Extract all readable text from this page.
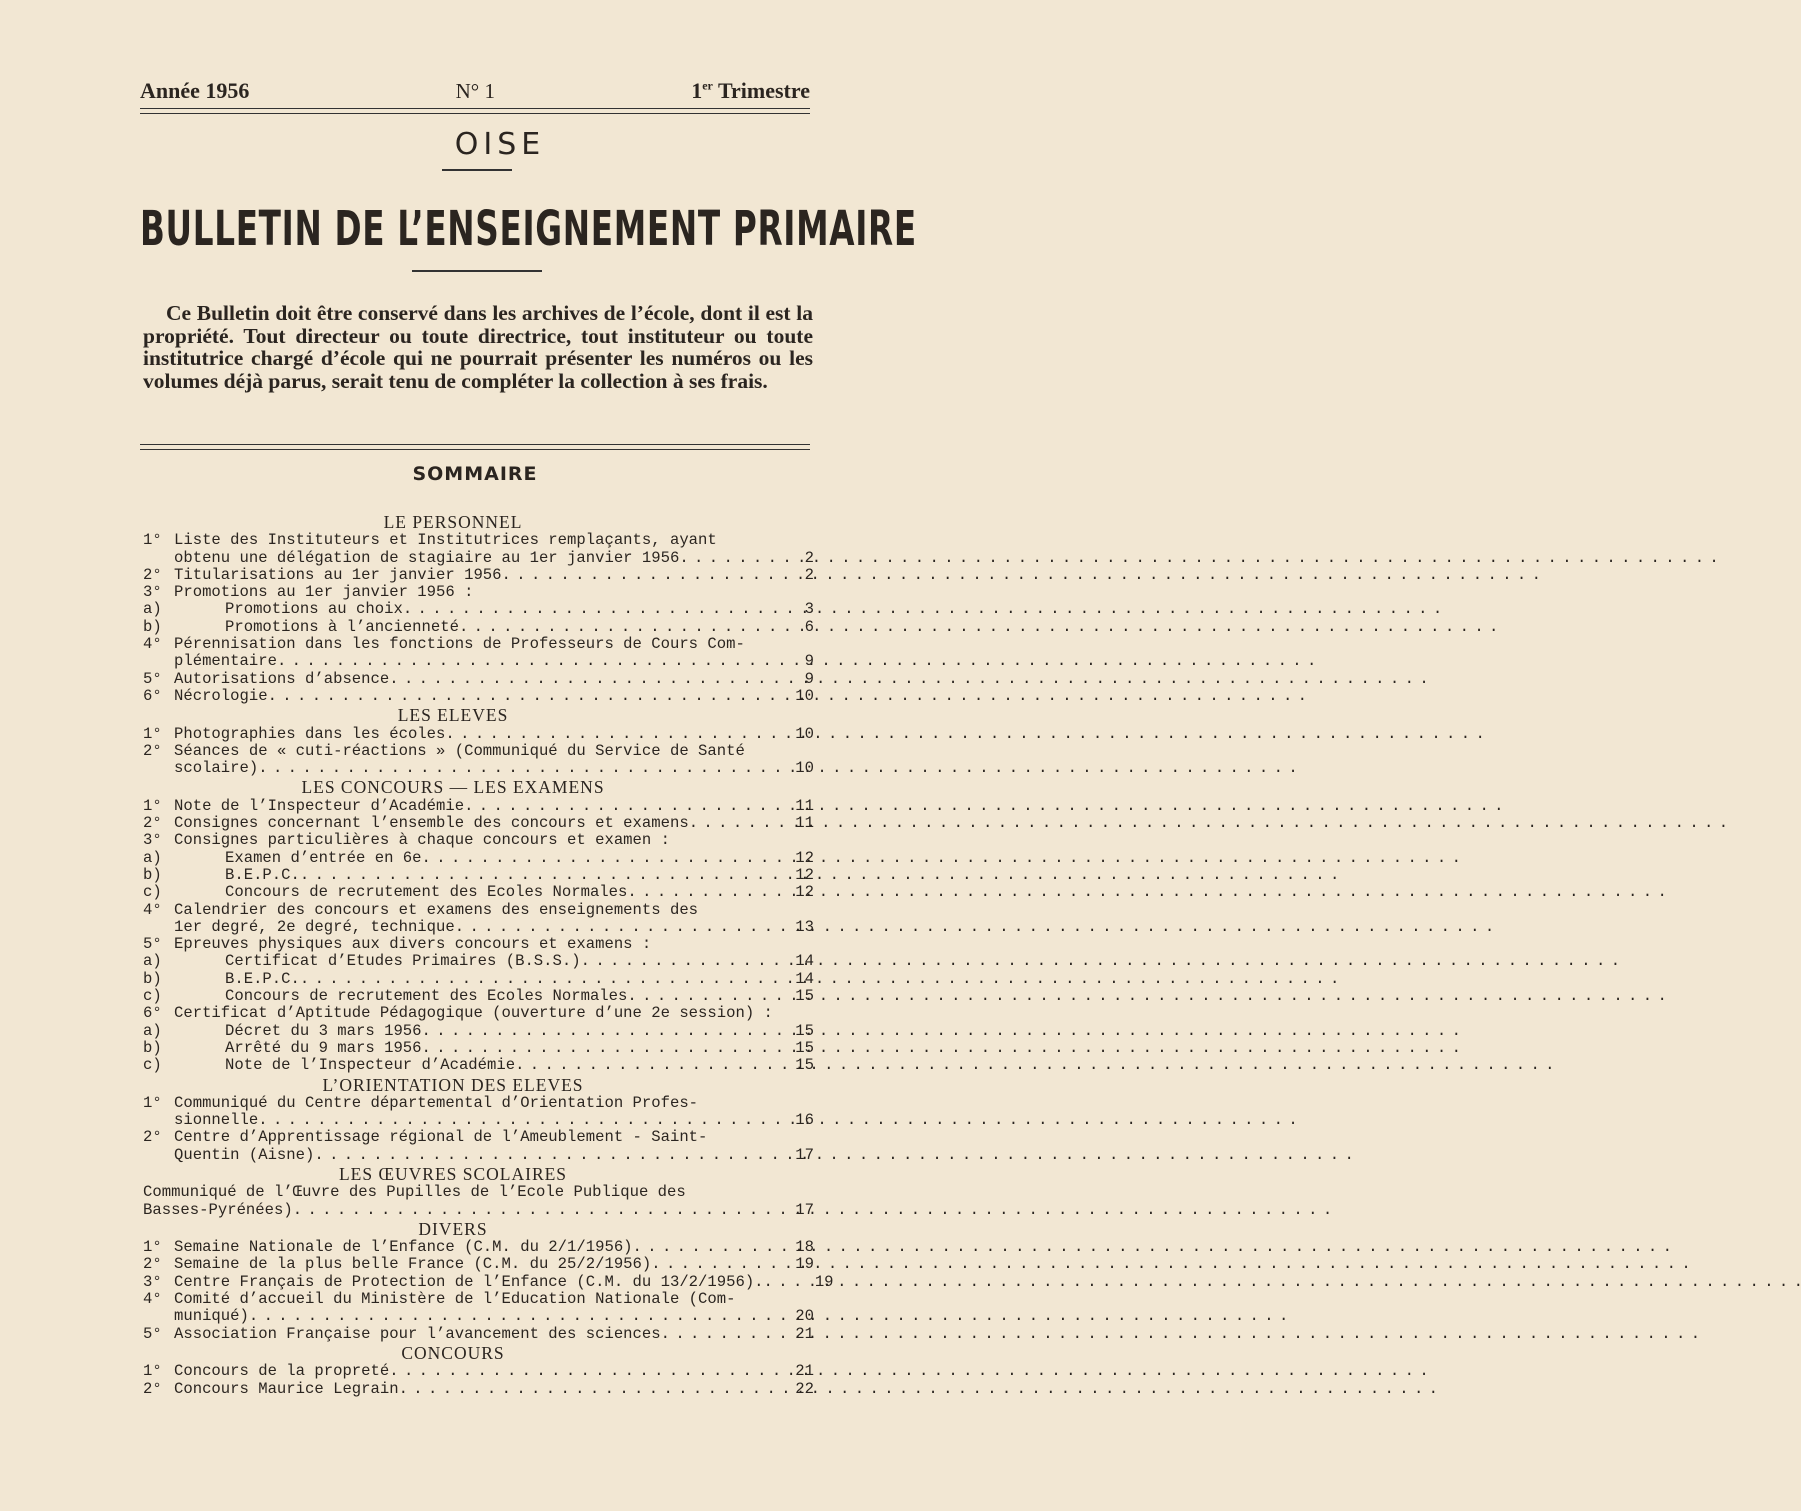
Année 1956	N° 1	1er Trimestre
OISE
BULLETIN DE L’ENSEIGNEMENT PRIMAIRE

Ce Bulletin doit être conservé dans les archives de l’école, dont il est la propriété. Tout directeur ou toute directrice, tout instituteur ou toute institutrice chargé d’école qui ne pourrait présenter les numéros ou les volumes déjà parus, serait tenu de compléter la collection à ses frais.

SOMMAIRE
LE PERSONNEL
1° Liste des Instituteurs et Institutrices remplaçants, ayant
obtenu une délégation de stagiaire au 1er janvier 1956 . . .	2
2° Titularisations au 1er janvier 1956 . . .	2
3° Promotions au 1er janvier 1956 :
a)	Promotions au choix . . .	3
b)	Promotions à l’ancienneté . . .	6
4° Pérennisation dans les fonctions de Professeurs de Cours Com-
plémentaire . . .	9
5° Autorisations d’absence . . .	9
6° Nécrologie . . .	10
LES ELEVES
1° Photographies dans les écoles . . .	10
2° Séances de « cuti-réactions » (Communiqué du Service de Santé
scolaire) . . .	10
LES CONCOURS — LES EXAMENS
1° Note de l’Inspecteur d’Académie . . .	11
2° Consignes concernant l’ensemble des concours et examens . . .	11
3° Consignes particulières à chaque concours et examen :
a)	Examen d’entrée en 6e . . .	12
b)	B.E.P.C. . . .	12
c)	Concours de recrutement des Ecoles Normales . . .	12
4° Calendrier des concours et examens des enseignements des
1er degré, 2e degré, technique . . .	13
5° Epreuves physiques aux divers concours et examens :
a)	Certificat d’Etudes Primaires (B.S.S.) . . .	14
b)	B.E.P.C. . . .	14
c)	Concours de recrutement des Ecoles Normales . . .	15
6° Certificat d’Aptitude Pédagogique (ouverture d’une 2e session) :
a)	Décret du 3 mars 1956 . . .	15
b)	Arrêté du 9 mars 1956 . . .	15
c)	Note de l’Inspecteur d’Académie . . .	15
L’ORIENTATION DES ELEVES
1° Communiqué du Centre départemental d’Orientation Profes-
sionnelle . . .	16
2° Centre d’Apprentissage régional de l’Ameublement - Saint-
Quentin (Aisne) . . .	17
LES ŒUVRES SCOLAIRES
Communiqué de l’Œuvre des Pupilles de l’Ecole Publique des
Basses-Pyrénées) . . .	17
DIVERS
1° Semaine Nationale de l’Enfance (C.M. du 2/1/1956) . . .	18
2° Semaine de la plus belle France (C.M. du 25/2/1956) . . .	19
3° Centre Français de Protection de l’Enfance (C.M. du 13/2/1956). . . .	19
4° Comité d’accueil du Ministère de l’Education Nationale (Com-
muniqué) . . .	20
5° Association Française pour l’avancement des sciences . . .	21
CONCOURS
1° Concours de la propreté . . .	21
2° Concours Maurice Legrain . . .	22
